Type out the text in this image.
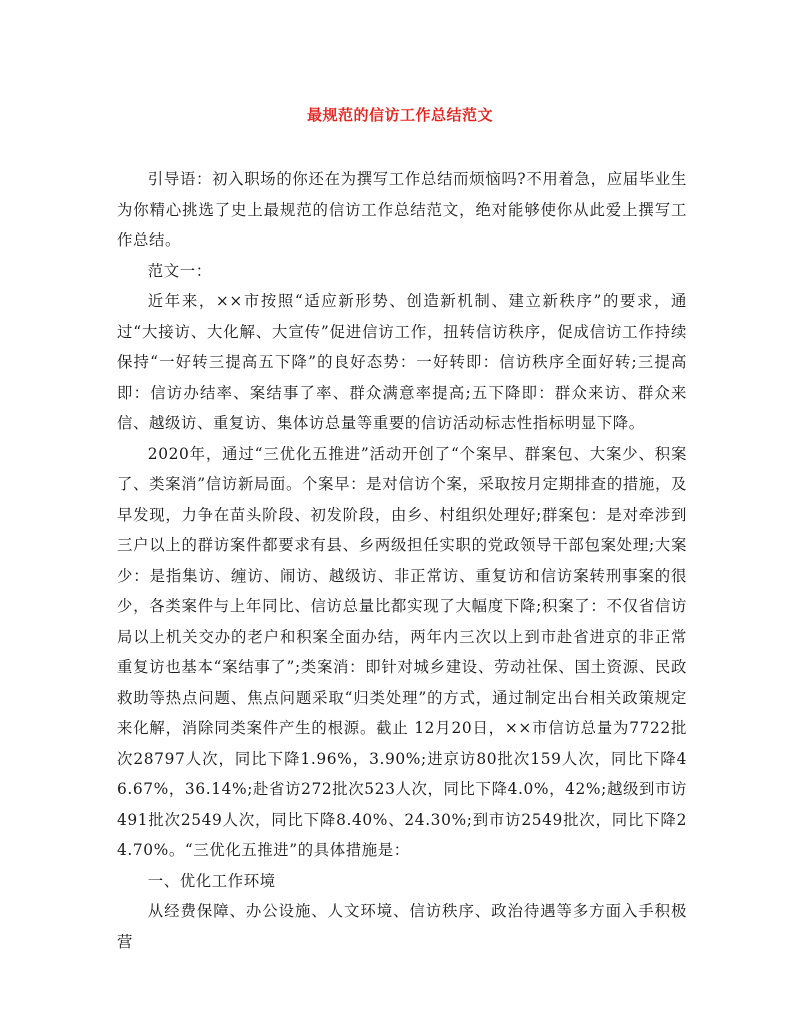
最规范的信访工作总结范文

引导语：初入职场的你还在为撰写工作总结而烦恼吗?不用着急，应届毕业生为你精心挑选了史上最规范的信访工作总结范文，绝对能够使你从此爱上撰写工作总结。

范文一：

近年来，××市按照“适应新形势、创造新机制、建立新秩序”的要求，通过“大接访、大化解、大宣传”促进信访工作，扭转信访秩序，促成信访工作持续保持“一好转三提高五下降”的良好态势：一好转即：信访秩序全面好转;三提高即：信访办结率、案结事了率、群众满意率提高;五下降即：群众来访、群众来信、越级访、重复访、集体访总量等重要的信访活动标志性指标明显下降。

2020年，通过“三优化五推进”活动开创了“个案早、群案包、大案少、积案了、类案消”信访新局面。个案早：是对信访个案，采取按月定期排查的措施，及早发现，力争在苗头阶段、初发阶段，由乡、村组织处理好;群案包：是对牵涉到三户以上的群访案件都要求有县、乡两级担任实职的党政领导干部包案处理;大案少：是指集访、缠访、闹访、越级访、非正常访、重复访和信访案转刑事案的很少，各类案件与上年同比、信访总量比都实现了大幅度下降;积案了：不仅省信访局以上机关交办的老户和积案全面办结，两年内三次以上到市赴省进京的非正常重复访也基本“案结事了”;类案消：即针对城乡建设、劳动社保、国土资源、民政救助等热点问题、焦点问题采取“归类处理”的方式，通过制定出台相关政策规定来化解，消除同类案件产生的根源。截止 12月20日，××市信访总量为7722批次28797人次，同比下降1.96%，3.90%;进京访80批次159人次，同比下降46.67%，36.14%;赴省访272批次523人次，同比下降4.0%，42%;越级到市访491批次2549人次，同比下降8.40%、24.30%;到市访2549批次，同比下降24.70%。“三优化五推进”的具体措施是：

一、优化工作环境

从经费保障、办公设施、人文环境、信访秩序、政治待遇等多方面入手积极营
